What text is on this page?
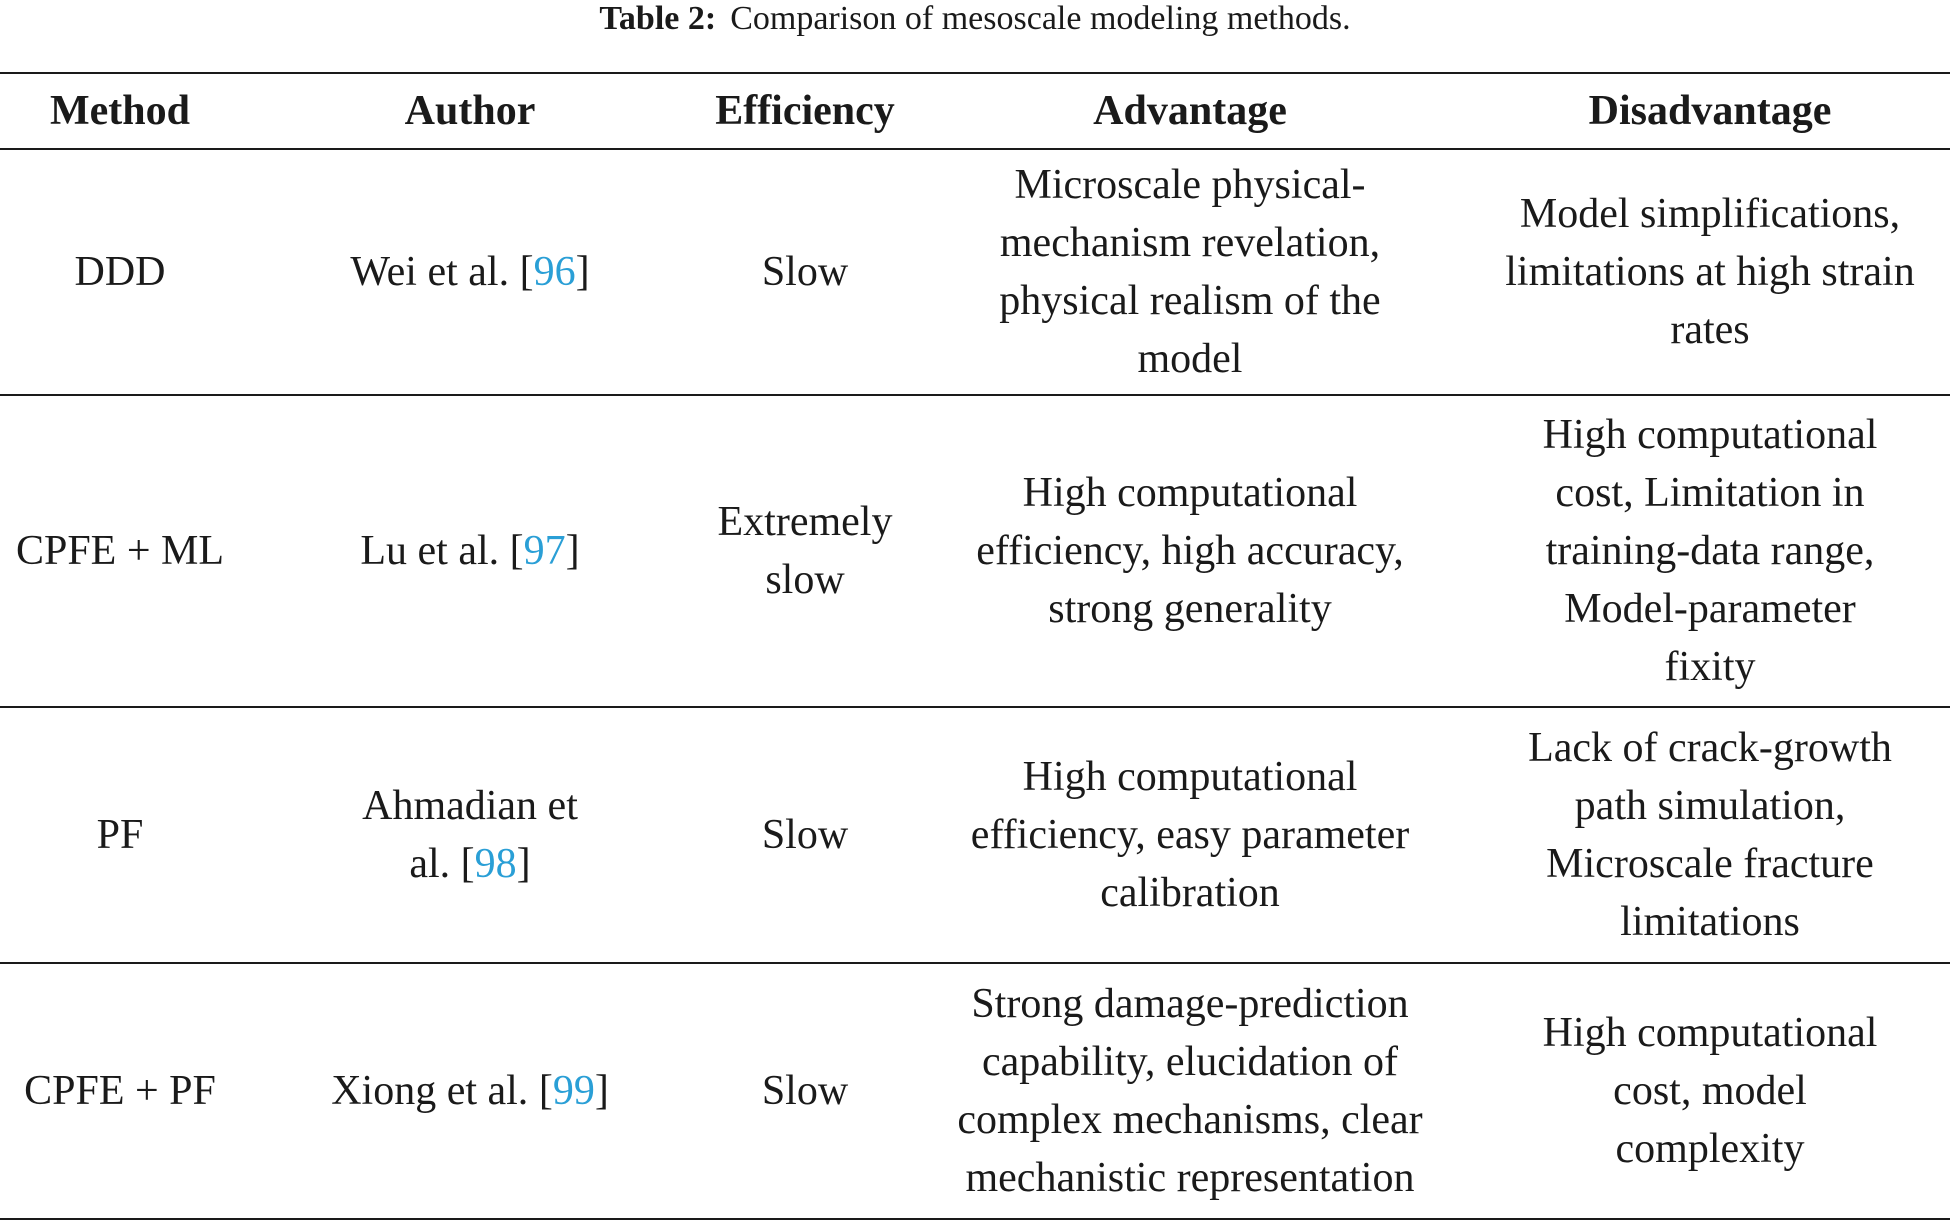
Table 2: Comparison of mesoscale modeling methods.
Method	Author	Efficiency	Advantage	Disadvantage
DDD	Wei et al. [96]	Slow	Microscale physical-mechanism revelation, physical realism of the model	Model simplifications, limitations at high strain rates
CPFE + ML	Lu et al. [97]	Extremely slow	High computational efficiency, high accuracy, strong generality	High computational cost, Limitation in training-data range, Model-parameter fixity
PF	Ahmadian et al. [98]	Slow	High computational efficiency, easy parameter calibration	Lack of crack-growth path simulation, Microscale fracture limitations
CPFE + PF	Xiong et al. [99]	Slow	Strong damage-prediction capability, elucidation of complex mechanisms, clear mechanistic representation	High computational cost, model complexity
